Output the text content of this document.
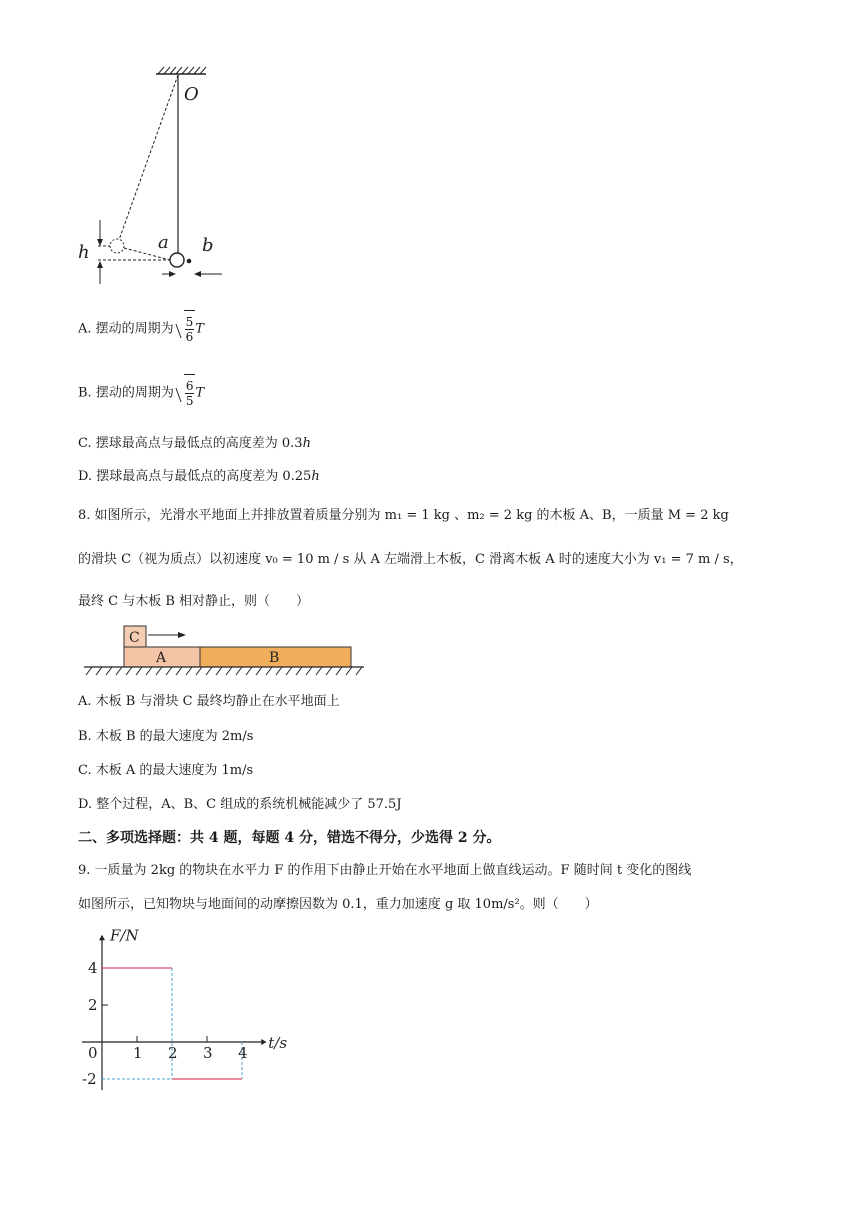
O
h	a b
A. 摆动的周期为 $\frac{5}{6}$ T
B. 摆动的周期为 $\frac{6}{5}$ T
C. 摆球最高点与最低点的高度差为 0.3h
D. 摆球最高点与最低点的高度差为 0.25h
8. 如图所示，光滑水平地面上并排放置着质量分别为 m₁ = 1 kg 、m₂ = 2 kg 的木板 A、B，一质量 M = 2 kg
的滑块 C（视为质点）以初速度 v₀ = 10 m / s 从 A 左端滑上木板，C 滑离木板 A 时的速度大小为 v₁ = 7 m / s，
最终 C 与木板 B 相对静止，则（　　）
C
A	B
A. 木板 B 与滑块 C 最终均静止在水平地面上
B. 木板 B 的最大速度为 2m/s
C. 木板 A 的最大速度为 1m/s
D. 整个过程，A、B、C 组成的系统机械能减少了 57.5J
二、多项选择题：共 4 题，每题 4 分，错选不得分，少选得 2 分。
9. 一质量为 2kg 的物块在水平力 F 的作用下由静止开始在水平地面上做直线运动。F 随时间 t 变化的图线
如图所示，已知物块与地面间的动摩擦因数为 0.1，重力加速度 g 取 10m/s²。则（　　）
0 1 2 3 4
4
2
-2
t/s
F/N
